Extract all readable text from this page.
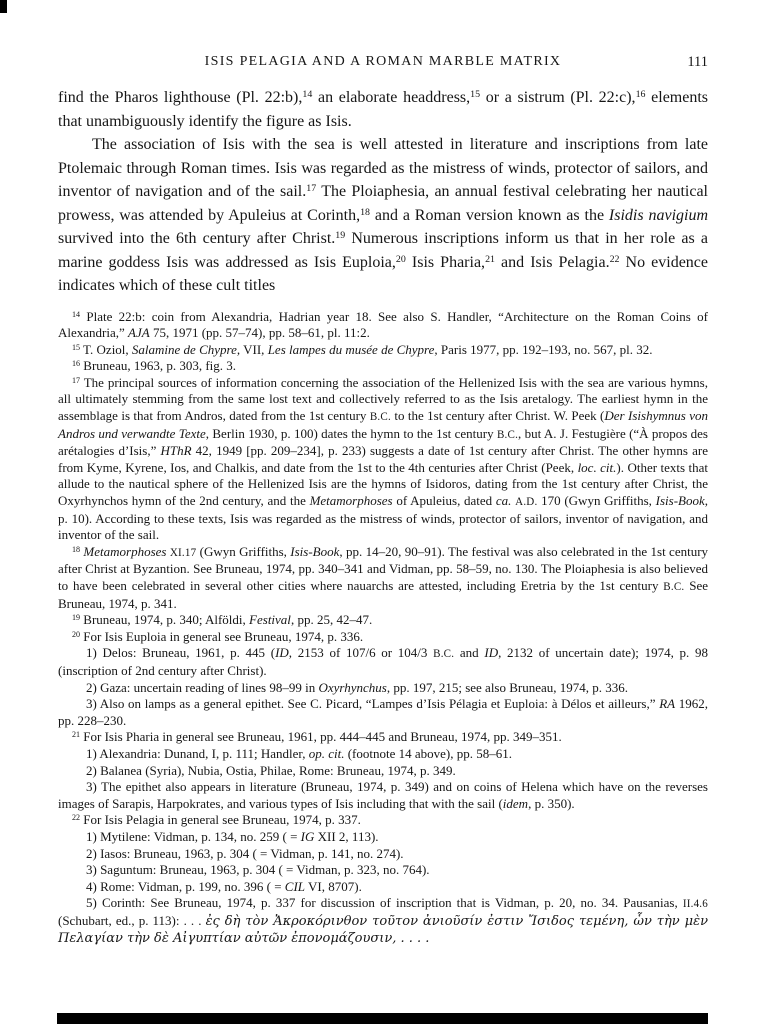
ISIS PELAGIA AND A ROMAN MARBLE MATRIX	111

find the Pharos lighthouse (Pl. 22:b),$^{14}$ an elaborate headdress,$^{15}$ or a sistrum (Pl. 22:c),$^{16}$ elements that unambiguously identify the figure as Isis.

The association of Isis with the sea is well attested in literature and inscriptions from late Ptolemaic through Roman times. Isis was regarded as the mistress of winds, protector of sailors, and inventor of navigation and of the sail.$^{17}$ The Ploiaphesia, an annual festival celebrating her nautical prowess, was attended by Apuleius at Corinth,$^{18}$ and a Roman version known as the Isidis navigium survived into the 6th century after Christ.$^{19}$ Numerous inscriptions inform us that in her role as a marine goddess Isis was addressed as Isis Euploia,$^{20}$ Isis Pharia,$^{21}$ and Isis Pelagia.$^{22}$ No evidence indicates which of these cult titles

$^{14}$ Plate 22:b: coin from Alexandria, Hadrian year 18. See also S. Handler, “Architecture on the Roman Coins of Alexandria,” AJA 75, 1971 (pp. 57–74), pp. 58–61, pl. 11:2.

$^{15}$ T. Oziol, Salamine de Chypre, VII, Les lampes du musée de Chypre, Paris 1977, pp. 192–193, no. 567, pl. 32.

$^{16}$ Bruneau, 1963, p. 303, fig. 3.

$^{17}$ The principal sources of information concerning the association of the Hellenized Isis with the sea are various hymns, all ultimately stemming from the same lost text and collectively referred to as the Isis aretalogy. The earliest hymn in the assemblage is that from Andros, dated from the 1st century B.C. to the 1st century after Christ. W. Peek (Der Isishymnus von Andros und verwandte Texte, Berlin 1930, p. 100) dates the hymn to the 1st century B.C., but A. J. Festugière (“À propos des arétalogies d’Isis,” HThR 42, 1949 [pp. 209–234], p. 233) suggests a date of 1st century after Christ. The other hymns are from Kyme, Kyrene, Ios, and Chalkis, and date from the 1st to the 4th centuries after Christ (Peek, loc. cit.). Other texts that allude to the nautical sphere of the Hellenized Isis are the hymns of Isidoros, dating from the 1st century after Christ, the Oxyrhynchos hymn of the 2nd century, and the Metamorphoses of Apuleius, dated ca. A.D. 170 (Gwyn Griffiths, Isis-Book, p. 10). According to these texts, Isis was regarded as the mistress of winds, protector of sailors, inventor of navigation, and inventor of the sail.

$^{18}$ Metamorphoses XI.17 (Gwyn Griffiths, Isis-Book, pp. 14–20, 90–91). The festival was also celebrated in the 1st century after Christ at Byzantion. See Bruneau, 1974, pp. 340–341 and Vidman, pp. 58–59, no. 130. The Ploiaphesia is also believed to have been celebrated in several other cities where nauarchs are attested, including Eretria by the 1st century B.C. See Bruneau, 1974, p. 341.

$^{19}$ Bruneau, 1974, p. 340; Alföldi, Festival, pp. 25, 42–47.

$^{20}$ For Isis Euploia in general see Bruneau, 1974, p. 336.

1) Delos: Bruneau, 1961, p. 445 (ID, 2153 of 107/6 or 104/3 B.C. and ID, 2132 of uncertain date); 1974, p. 98 (inscription of 2nd century after Christ).

2) Gaza: uncertain reading of lines 98–99 in Oxyrhynchus, pp. 197, 215; see also Bruneau, 1974, p. 336.

3) Also on lamps as a general epithet. See C. Picard, “Lampes d’Isis Pélagia et Euploia: à Délos et ailleurs,” RA 1962, pp. 228–230.

$^{21}$ For Isis Pharia in general see Bruneau, 1961, pp. 444–445 and Bruneau, 1974, pp. 349–351.

1) Alexandria: Dunand, I, p. 111; Handler, op. cit. (footnote 14 above), pp. 58–61.

2) Balanea (Syria), Nubia, Ostia, Philae, Rome: Bruneau, 1974, p. 349.

3) The epithet also appears in literature (Bruneau, 1974, p. 349) and on coins of Helena which have on the reverses images of Sarapis, Harpokrates, and various types of Isis including that with the sail (idem, p. 350).

$^{22}$ For Isis Pelagia in general see Bruneau, 1974, p. 337.

1) Mytilene: Vidman, p. 134, no. 259 ( = IG XII 2, 113).

2) Iasos: Bruneau, 1963, p. 304 ( = Vidman, p. 141, no. 274).

3) Saguntum: Bruneau, 1963, p. 304 ( = Vidman, p. 323, no. 764).

4) Rome: Vidman, p. 199, no. 396 ( = CIL VI, 8707).

5) Corinth: See Bruneau, 1974, p. 337 for discussion of inscription that is Vidman, p. 20, no. 34. Pausanias, II.4.6 (Schubart, ed., p. 113): . . . ἐς δὴ τὸν Ἀκροκόρινθον τοῦτον ἀνιοῦσίν ἐστιν Ἴσιδος τεμένη, ὧν τὴν μὲν Πελαγίαν τὴν δὲ Αἰγυπτίαν αὐτῶν ἐπονομάζουσιν, . . . .
